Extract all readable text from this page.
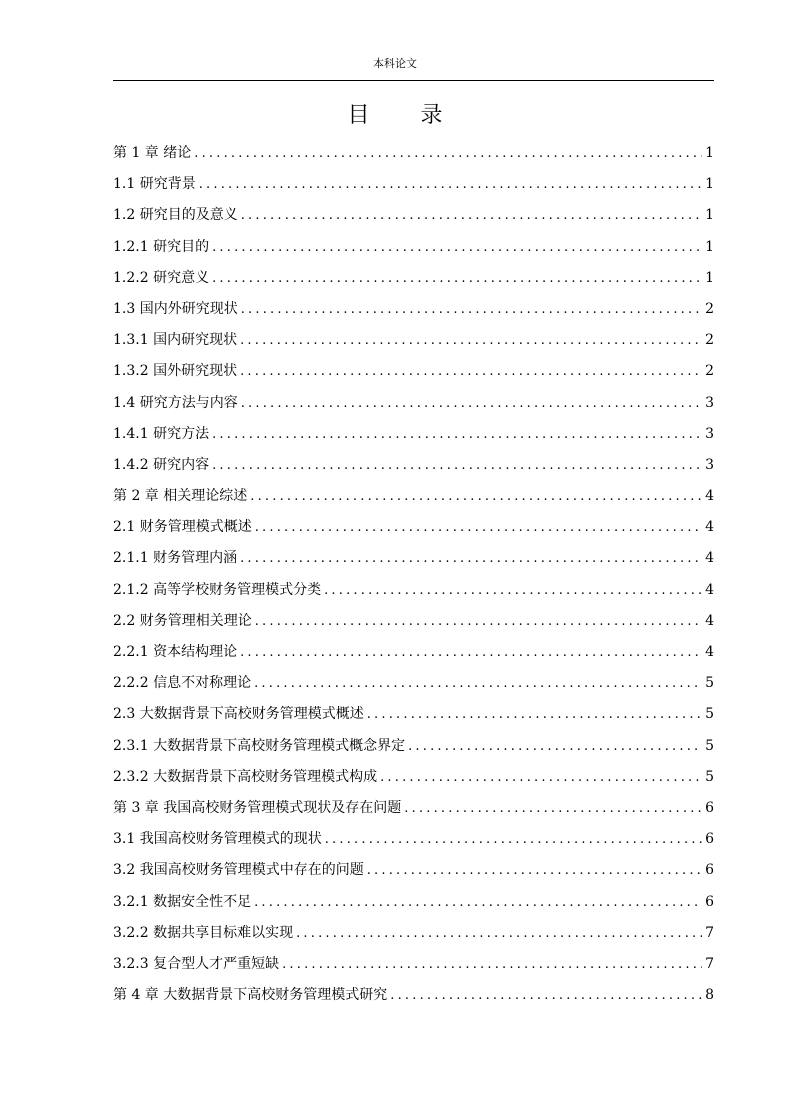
本科论文
目 录
第 1 章 绪论 .....	1
1.1 研究背景 .....	1
1.2 研究目的及意义 .....	1
1.2.1 研究目的 .....	1
1.2.2 研究意义 .....	1
1.3 国内外研究现状 .....	2
1.3.1 国内研究现状 .....	2
1.3.2 国外研究现状 .....	2
1.4 研究方法与内容 .....	3
1.4.1 研究方法 .....	3
1.4.2 研究内容 .....	3
第 2 章 相关理论综述 .....	4
2.1 财务管理模式概述 .....	4
2.1.1 财务管理内涵 .....	4
2.1.2 高等学校财务管理模式分类 .....	4
2.2 财务管理相关理论 .....	4
2.2.1 资本结构理论 .....	4
2.2.2 信息不对称理论 .....	5
2.3 大数据背景下高校财务管理模式概述 .....	5
2.3.1 大数据背景下高校财务管理模式概念界定 .....	5
2.3.2 大数据背景下高校财务管理模式构成 .....	5
第 3 章 我国高校财务管理模式现状及存在问题 .....	6
3.1 我国高校财务管理模式的现状 .....	6
3.2 我国高校财务管理模式中存在的问题 .....	6
3.2.1 数据安全性不足 .....	6
3.2.2 数据共享目标难以实现 .....	7
3.2.3 复合型人才严重短缺 .....	7
第 4 章 大数据背景下高校财务管理模式研究 .....	8
